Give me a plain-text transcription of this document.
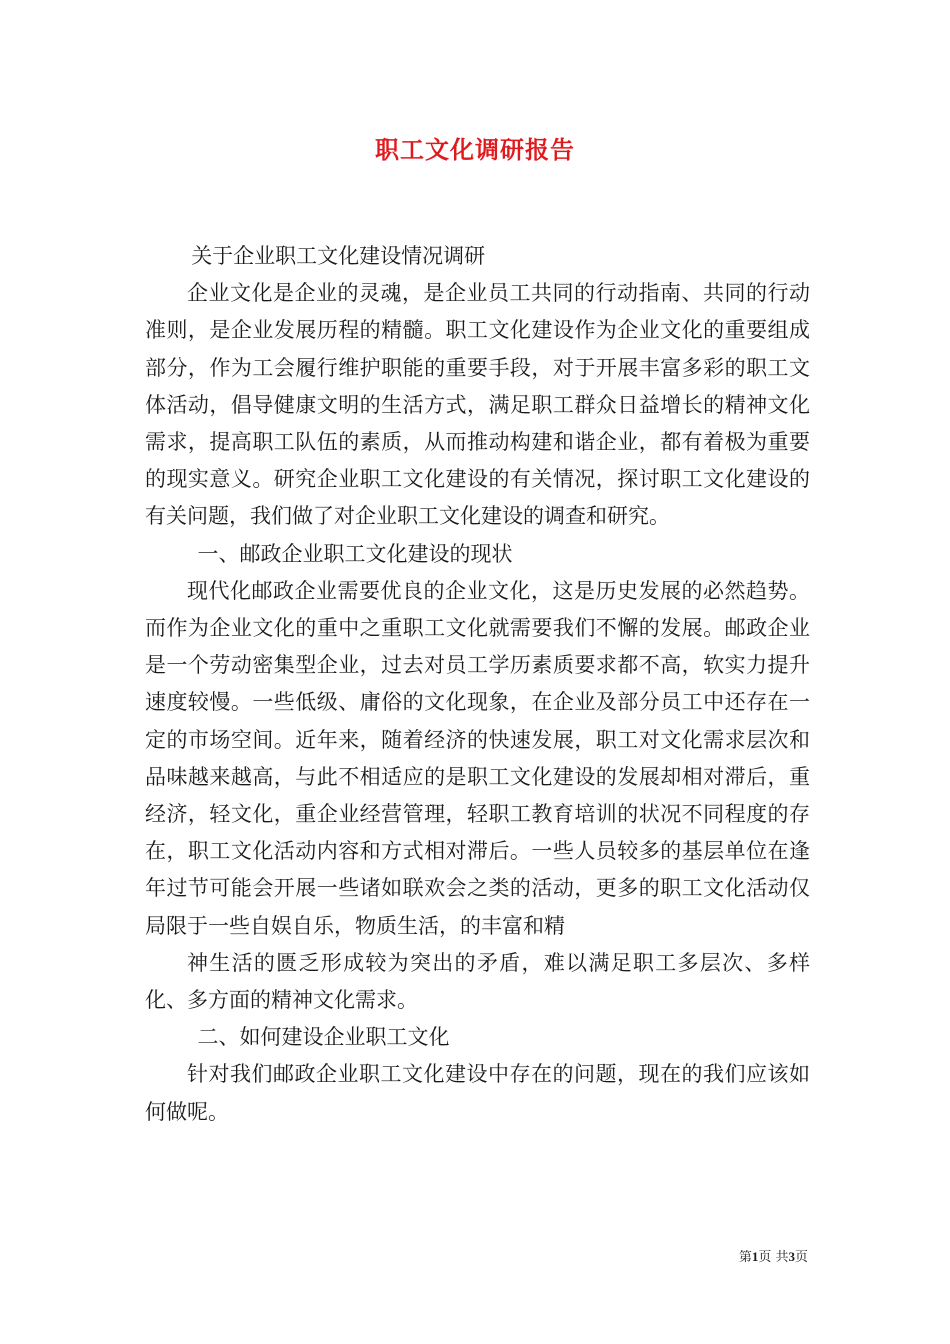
职工文化调研报告

关于企业职工文化建设情况调研

企业文化是企业的灵魂，是企业员工共同的行动指南、共同的行动准则，是企业发展历程的精髓。职工文化建设作为企业文化的重要组成部分，作为工会履行维护职能的重要手段，对于开展丰富多彩的职工文体活动，倡导健康文明的生活方式，满足职工群众日益增长的精神文化需求，提高职工队伍的素质，从而推动构建和谐企业，都有着极为重要的现实意义。研究企业职工文化建设的有关情况，探讨职工文化建设的有关问题，我们做了对企业职工文化建设的调查和研究。

一、邮政企业职工文化建设的现状

现代化邮政企业需要优良的企业文化，这是历史发展的必然趋势。而作为企业文化的重中之重职工文化就需要我们不懈的发展。邮政企业是一个劳动密集型企业，过去对员工学历素质要求都不高，软实力提升速度较慢。一些低级、庸俗的文化现象，在企业及部分员工中还存在一定的市场空间。近年来，随着经济的快速发展，职工对文化需求层次和品味越来越高，与此不相适应的是职工文化建设的发展却相对滞后，重经济，轻文化，重企业经营管理，轻职工教育培训的状况不同程度的存在，职工文化活动内容和方式相对滞后。一些人员较多的基层单位在逢年过节可能会开展一些诸如联欢会之类的活动，更多的职工文化活动仅局限于一些自娱自乐，物质生活，的丰富和精

神生活的匮乏形成较为突出的矛盾，难以满足职工多层次、多样化、多方面的精神文化需求。

二、如何建设企业职工文化

针对我们邮政企业职工文化建设中存在的问题，现在的我们应该如何做呢。

第1页 共3页
